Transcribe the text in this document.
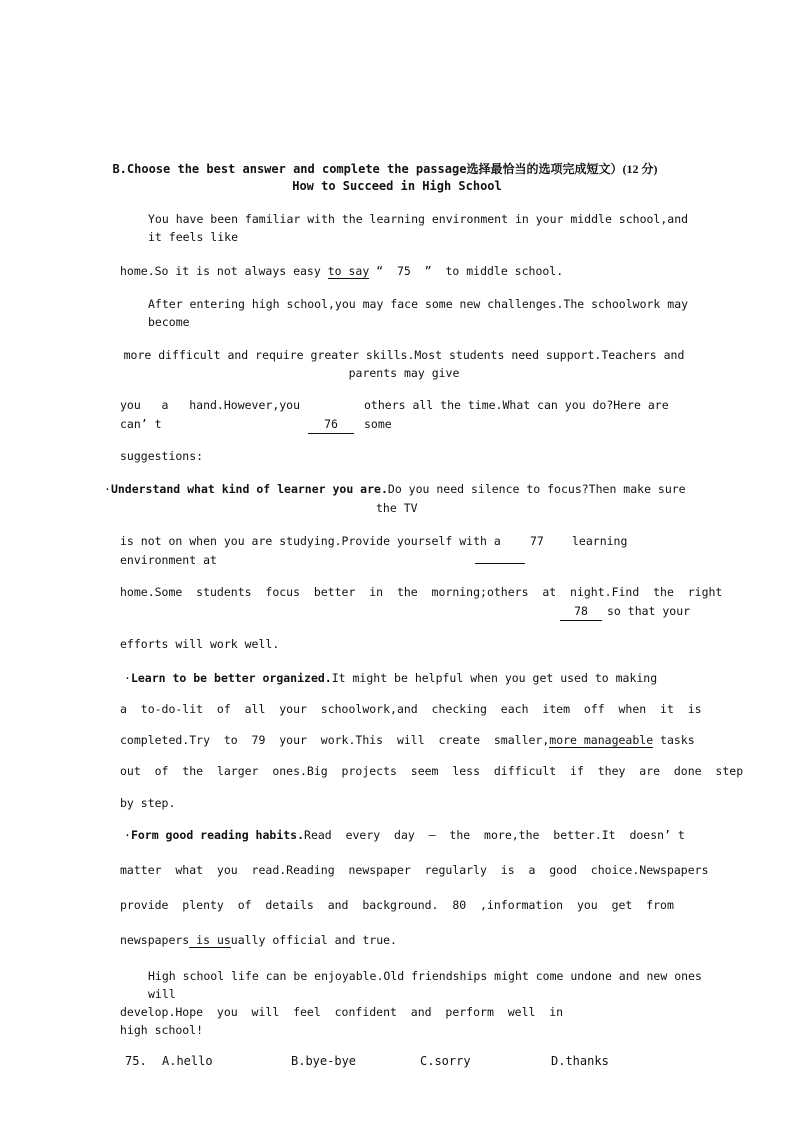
B.Choose the best answer and complete the passage选择最恰当的选项完成短文）(12 分)

How to Succeed in High School
You have been familiar with the learning environment in your middle school,and it feels like
home.So it is not always easy to say “  75  ”  to middle school.
After entering high school,you may face some new challenges.The schoolwork may become
more difficult and require greater skills.Most students need support.Teachers and parents may give
you   a   hand.However,you	others all the time.What can you do?Here are
can’ t	76	some
suggestions:
·Understand what kind of learner you are.Do you need silence to focus?Then make sure
the TV
is not on when you are studying.Provide yourself with a	77 learning
environment at
home.Some  students  focus  better  in  the  morning;others  at  night.Find  the  right
78	so that your
efforts will work well.
·Learn to be better organized.It might be helpful when you get used to making
a  to-do-lit  of  all  your  schoolwork,and  checking  each  item  off  when  it  is
completed.Try  to  79  your  work.This  will  create  smaller,more manageable tasks
out  of  the  larger  ones.Big  projects  seem  less  difficult  if  they  are  done  step
by step.
·Form good reading habits.Read  every  day  –  the  more,the  better.It  doesn’ t
matter  what  you  read.Reading  newspaper  regularly  is  a  good  choice.Newspapers
provide  plenty  of  details  and  background.  80  ,information  you  get  from
newspapers is usually official and true.
High school life can be enjoyable.Old friendships might come undone and new ones will
develop.Hope  you  will  feel  confident  and  perform  well  in
high school!
75. A.hello	B.bye-bye	C.sorry	D.thanks
